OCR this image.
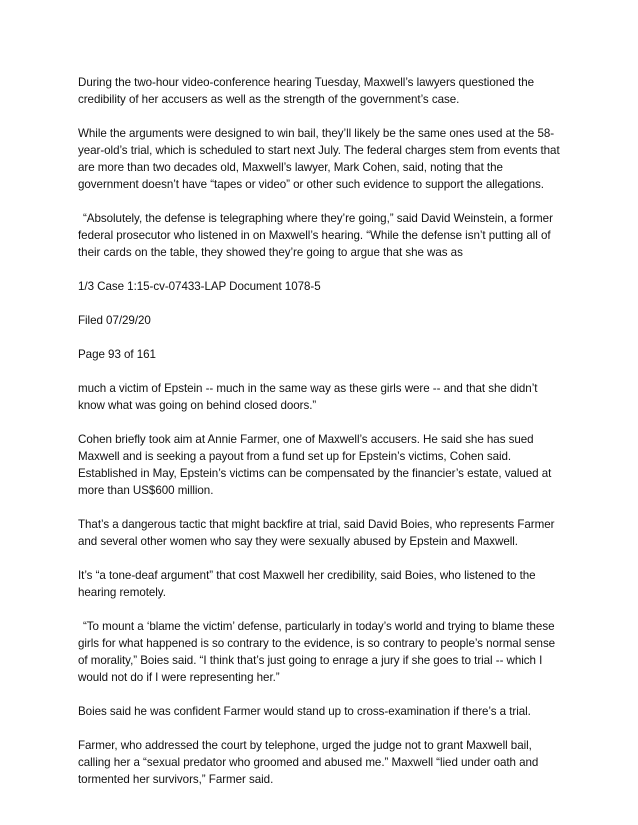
During the two-hour video-conference hearing Tuesday, Maxwell’s lawyers questioned the credibility of her accusers as well as the strength of the government’s case.

While the arguments were designed to win bail, they’ll likely be the same ones used at the 58-year-old’s trial, which is scheduled to start next July. The federal charges stem from events that are more than two decades old, Maxwell’s lawyer, Mark Cohen, said, noting that the government doesn’t have “tapes or video” or other such evidence to support the allegations.

“Absolutely, the defense is telegraphing where they’re going,” said David Weinstein, a former federal prosecutor who listened in on Maxwell’s hearing. “While the defense isn’t putting all of their cards on the table, they showed they’re going to argue that she was as

1/3 Case 1:15-cv-07433-LAP Document 1078-5

Filed 07/29/20

Page 93 of 161

much a victim of Epstein -- much in the same way as these girls were -- and that she didn’t know what was going on behind closed doors.”

Cohen briefly took aim at Annie Farmer, one of Maxwell’s accusers. He said she has sued Maxwell and is seeking a payout from a fund set up for Epstein’s victims, Cohen said. Established in May, Epstein’s victims can be compensated by the financier’s estate, valued at more than US$600 million.

That’s a dangerous tactic that might backfire at trial, said David Boies, who represents Farmer and several other women who say they were sexually abused by Epstein and Maxwell.

It’s “a tone-deaf argument” that cost Maxwell her credibility, said Boies, who listened to the hearing remotely.

“To mount a ‘blame the victim’ defense, particularly in today’s world and trying to blame these girls for what happened is so contrary to the evidence, is so contrary to people’s normal sense of morality,” Boies said. “I think that’s just going to enrage a jury if she goes to trial -- which I would not do if I were representing her.”

Boies said he was confident Farmer would stand up to cross-examination if there’s a trial.

Farmer, who addressed the court by telephone, urged the judge not to grant Maxwell bail, calling her a “sexual predator who groomed and abused me.” Maxwell “lied under oath and tormented her survivors,” Farmer said.
